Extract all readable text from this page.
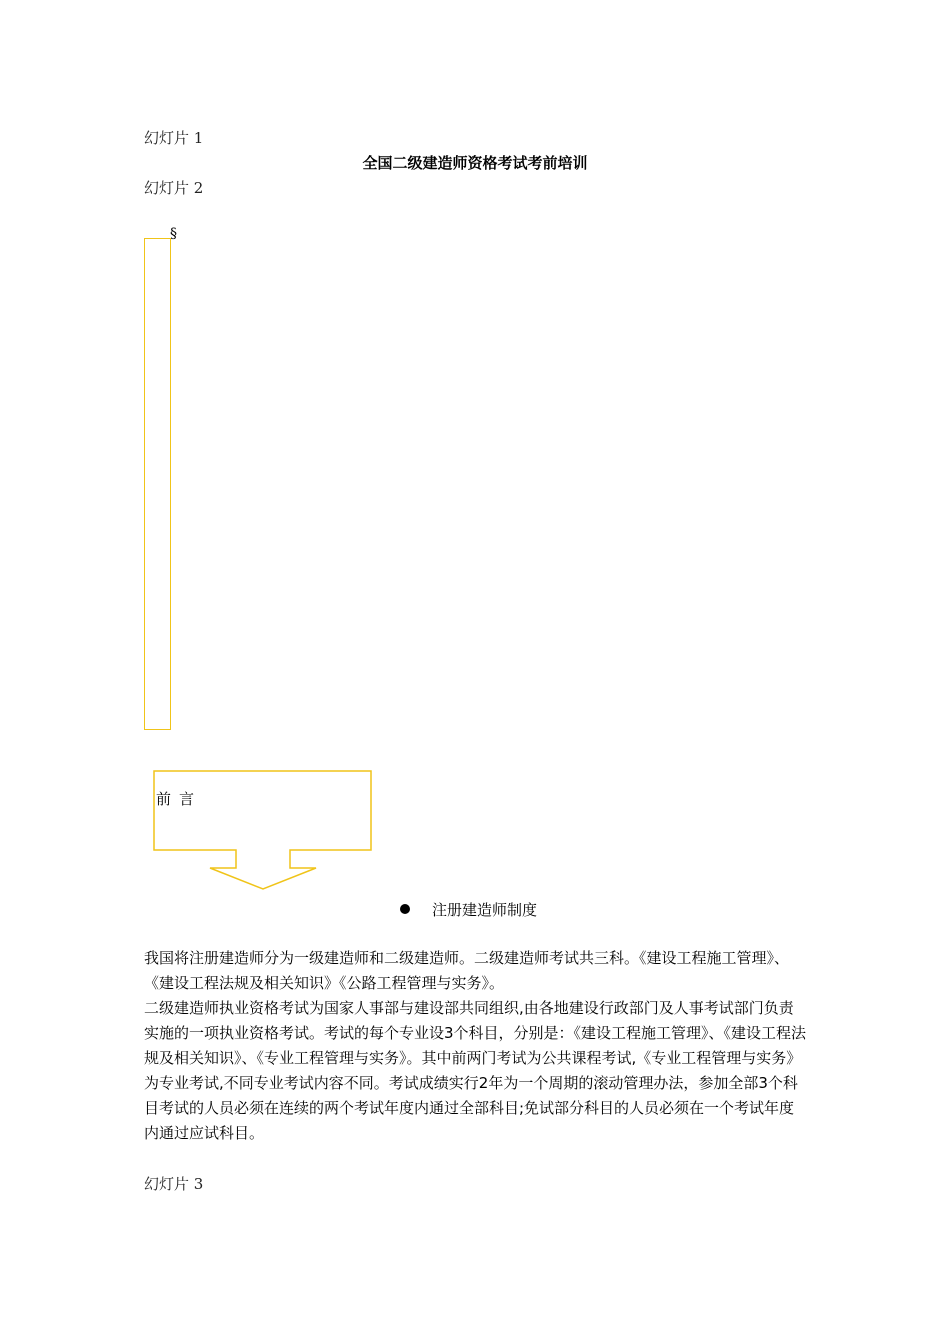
幻灯片 1
全国二级建造师资格考试考前培训
幻灯片 2
§
前言
注册建造师制度

我国将注册建造师分为一级建造师和二级建造师。二级建造师考试共三科。《建设工程施工管理》、《建设工程法规及相关知识》《公路工程管理与实务》。

二级建造师执业资格考试为国家人事部与建设部共同组织,由各地建设行政部门及人事考试部门负责实施的一项执业资格考试。考试的每个专业设3个科目，分别是：《建设工程施工管理》、《建设工程法规及相关知识》、《专业工程管理与实务》。其中前两门考试为公共课程考试,《专业工程管理与实务》为专业考试,不同专业考试内容不同。考试成绩实行2年为一个周期的滚动管理办法，参加全部3个科目考试的人员必须在连续的两个考试年度内通过全部科目;免试部分科目的人员必须在一个考试年度内通过应试科目。

幻灯片 3
